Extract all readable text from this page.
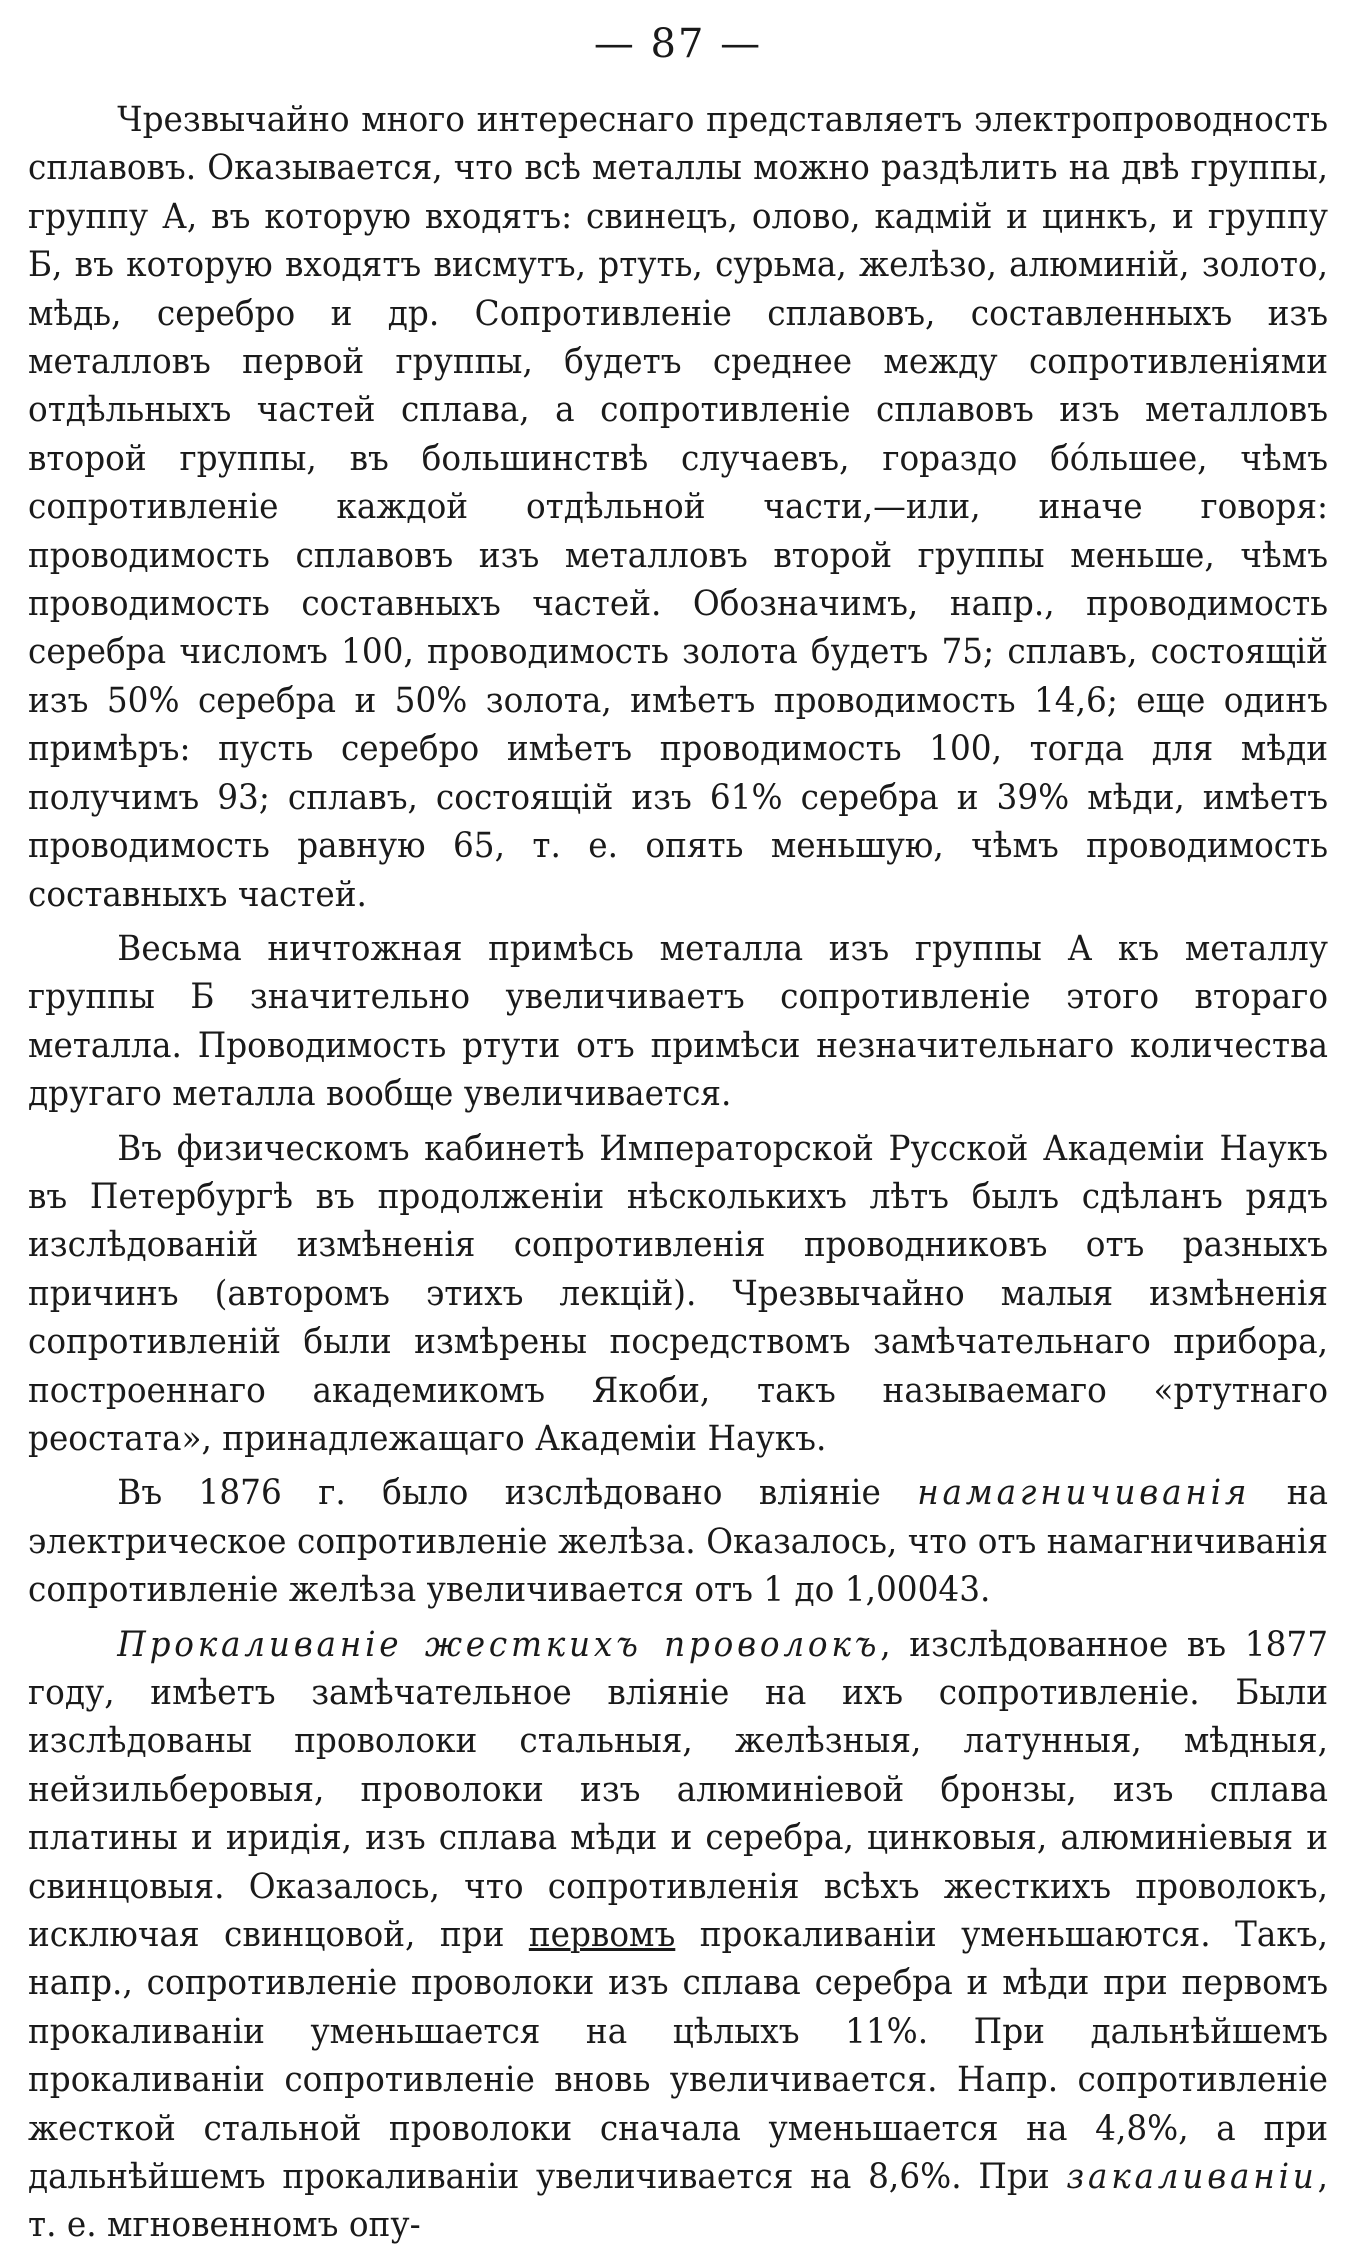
— 87 —

Чрезвычайно много интереснаго представляетъ электропроводность сплавовъ. Оказывается, что всѣ металлы можно раздѣлить на двѣ группы, группу А, въ которую входятъ: свинецъ, олово, кадмій и цинкъ, и группу Б, въ которую входятъ висмутъ, ртуть, сурьма, желѣзо, алюминій, золото, мѣдь, серебро и др. Сопротивленіе сплавовъ, составленныхъ изъ металловъ первой группы, будетъ среднее между сопротивленіями отдѣльныхъ частей сплава, а сопротивленіе сплавовъ изъ металловъ второй группы, въ большинствѣ случаевъ, гораздо бо́льшее, чѣмъ сопротивленіе каждой отдѣльной части,—или, иначе говоря: проводимость сплавовъ изъ металловъ второй группы меньше, чѣмъ проводимость составныхъ частей. Обозначимъ, напр., проводимость серебра числомъ 100, проводимость золота будетъ 75; сплавъ, состоящій изъ 50% серебра и 50% золота, имѣетъ проводимость 14,6; еще одинъ примѣръ: пусть серебро имѣетъ проводимость 100, тогда для мѣди получимъ 93; сплавъ, состоящій изъ 61% серебра и 39% мѣди, имѣетъ проводимость равную 65, т. е. опять меньшую, чѣмъ проводимость составныхъ частей.

Весьма ничтожная примѣсь металла изъ группы А къ металлу группы Б значительно увеличиваетъ сопротивленіе этого втораго металла. Проводимость ртути отъ примѣси незначительнаго количества другаго металла вообще увеличивается.

Въ физическомъ кабинетѣ Императорской Русской Академіи Наукъ въ Петербургѣ въ продолженіи нѣсколькихъ лѣтъ былъ сдѣланъ рядъ изслѣдованій измѣненія сопротивленія проводниковъ отъ разныхъ причинъ (авторомъ этихъ лекцій). Чрезвычайно малыя измѣненія сопротивленій были измѣрены посредствомъ замѣчательнаго прибора, построеннаго академикомъ Якоби, такъ называемаго «ртутнаго реостата», принадлежащаго Академіи Наукъ.

Въ 1876 г. было изслѣдовано вліяніе намагничиванія на электрическое сопротивленіе желѣза. Оказалось, что отъ намагничиванія сопротивленіе желѣза увеличивается отъ 1 до 1,00043.

Прокаливаніе жесткихъ проволокъ, изслѣдованное въ 1877 году, имѣетъ замѣчательное вліяніе на ихъ сопротивленіе. Были изслѣдованы проволоки стальныя, желѣзныя, латунныя, мѣдныя, нейзильберовыя, проволоки изъ алюминіевой бронзы, изъ сплава платины и иридія, изъ сплава мѣди и серебра, цинковыя, алюминіевыя и свинцовыя. Оказалось, что сопротивленія всѣхъ жесткихъ проволокъ, исключая свинцовой, при первомъ прокаливаніи уменьшаются. Такъ, напр., сопротивленіе проволоки изъ сплава серебра и мѣди при первомъ прокаливаніи уменьшается на цѣлыхъ 11%. При дальнѣйшемъ прокаливаніи сопротивленіе вновь увеличивается. Напр. сопротивленіе жесткой стальной проволоки сначала уменьшается на 4,8%, а при дальнѣйшемъ прокаливаніи увеличивается на 8,6%. При закаливаніи, т. е. мгновенномъ опу-
